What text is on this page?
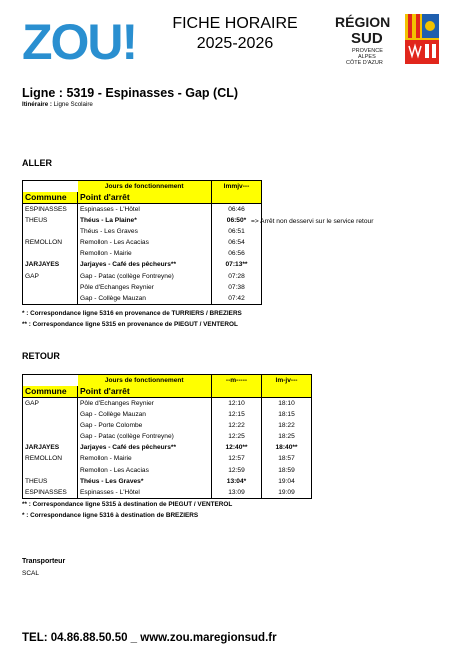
ZOU!	FICHE HORAIRE
2025-2026
RÉGION
SUD
PROVENCE
ALPES
CÔTE D'AZUR
Ligne : 5319 - Espinasses - Gap (CL)
Itinéraire : Ligne Scolaire
ALLER
	Jours de fonctionnement	lmmjv---
Commune	Point d'arrêt	
ESPINASSES	Espinasses - L'Hôtel	06:46
THEUS	Théus - La Plaine*	06:50*
	Théus - Les Graves	06:51
REMOLLON	Remollon - Les Acacias	06:54
	Remollon - Mairie	06:56
JARJAYES	Jarjayes - Café des pêcheurs**	07:13**
GAP	Gap - Patac (collège Fontreyne)	07:28
	Pôle d'Echanges Reynier	07:38
	Gap - Collège Mauzan	07:42
=> Arrêt non desservi sur le service retour
* : Correspondance ligne 5316 en provenance de TURRIERS / BREZIERS
** : Correspondance ligne 5315 en provenance de PIEGUT / VENTEROL
RETOUR
	Jours de fonctionnement	--m-----	lm-jv---
Commune	Point d'arrêt		
GAP	Pôle d'Echanges Reynier	12:10	18:10
	Gap - Collège Mauzan	12:15	18:15
	Gap - Porte Colombe	12:22	18:22
	Gap - Patac (collège Fontreyne)	12:25	18:25
JARJAYES	Jarjayes - Café des pêcheurs**	12:40**	18:40**
REMOLLON	Remollon - Mairie	12:57	18:57
	Remollon - Les Acacias	12:59	18:59
THEUS	Théus - Les Graves*	13:04*	19:04
ESPINASSES	Espinasses - L'Hôtel	13:09	19:09
** : Correspondance ligne 5315 à destination de PIEGUT / VENTEROL
* : Correspondance ligne 5316 à destination de BREZIERS
Transporteur
SCAL
TEL: 04.86.88.50.50 _ www.zou.maregionsud.fr
